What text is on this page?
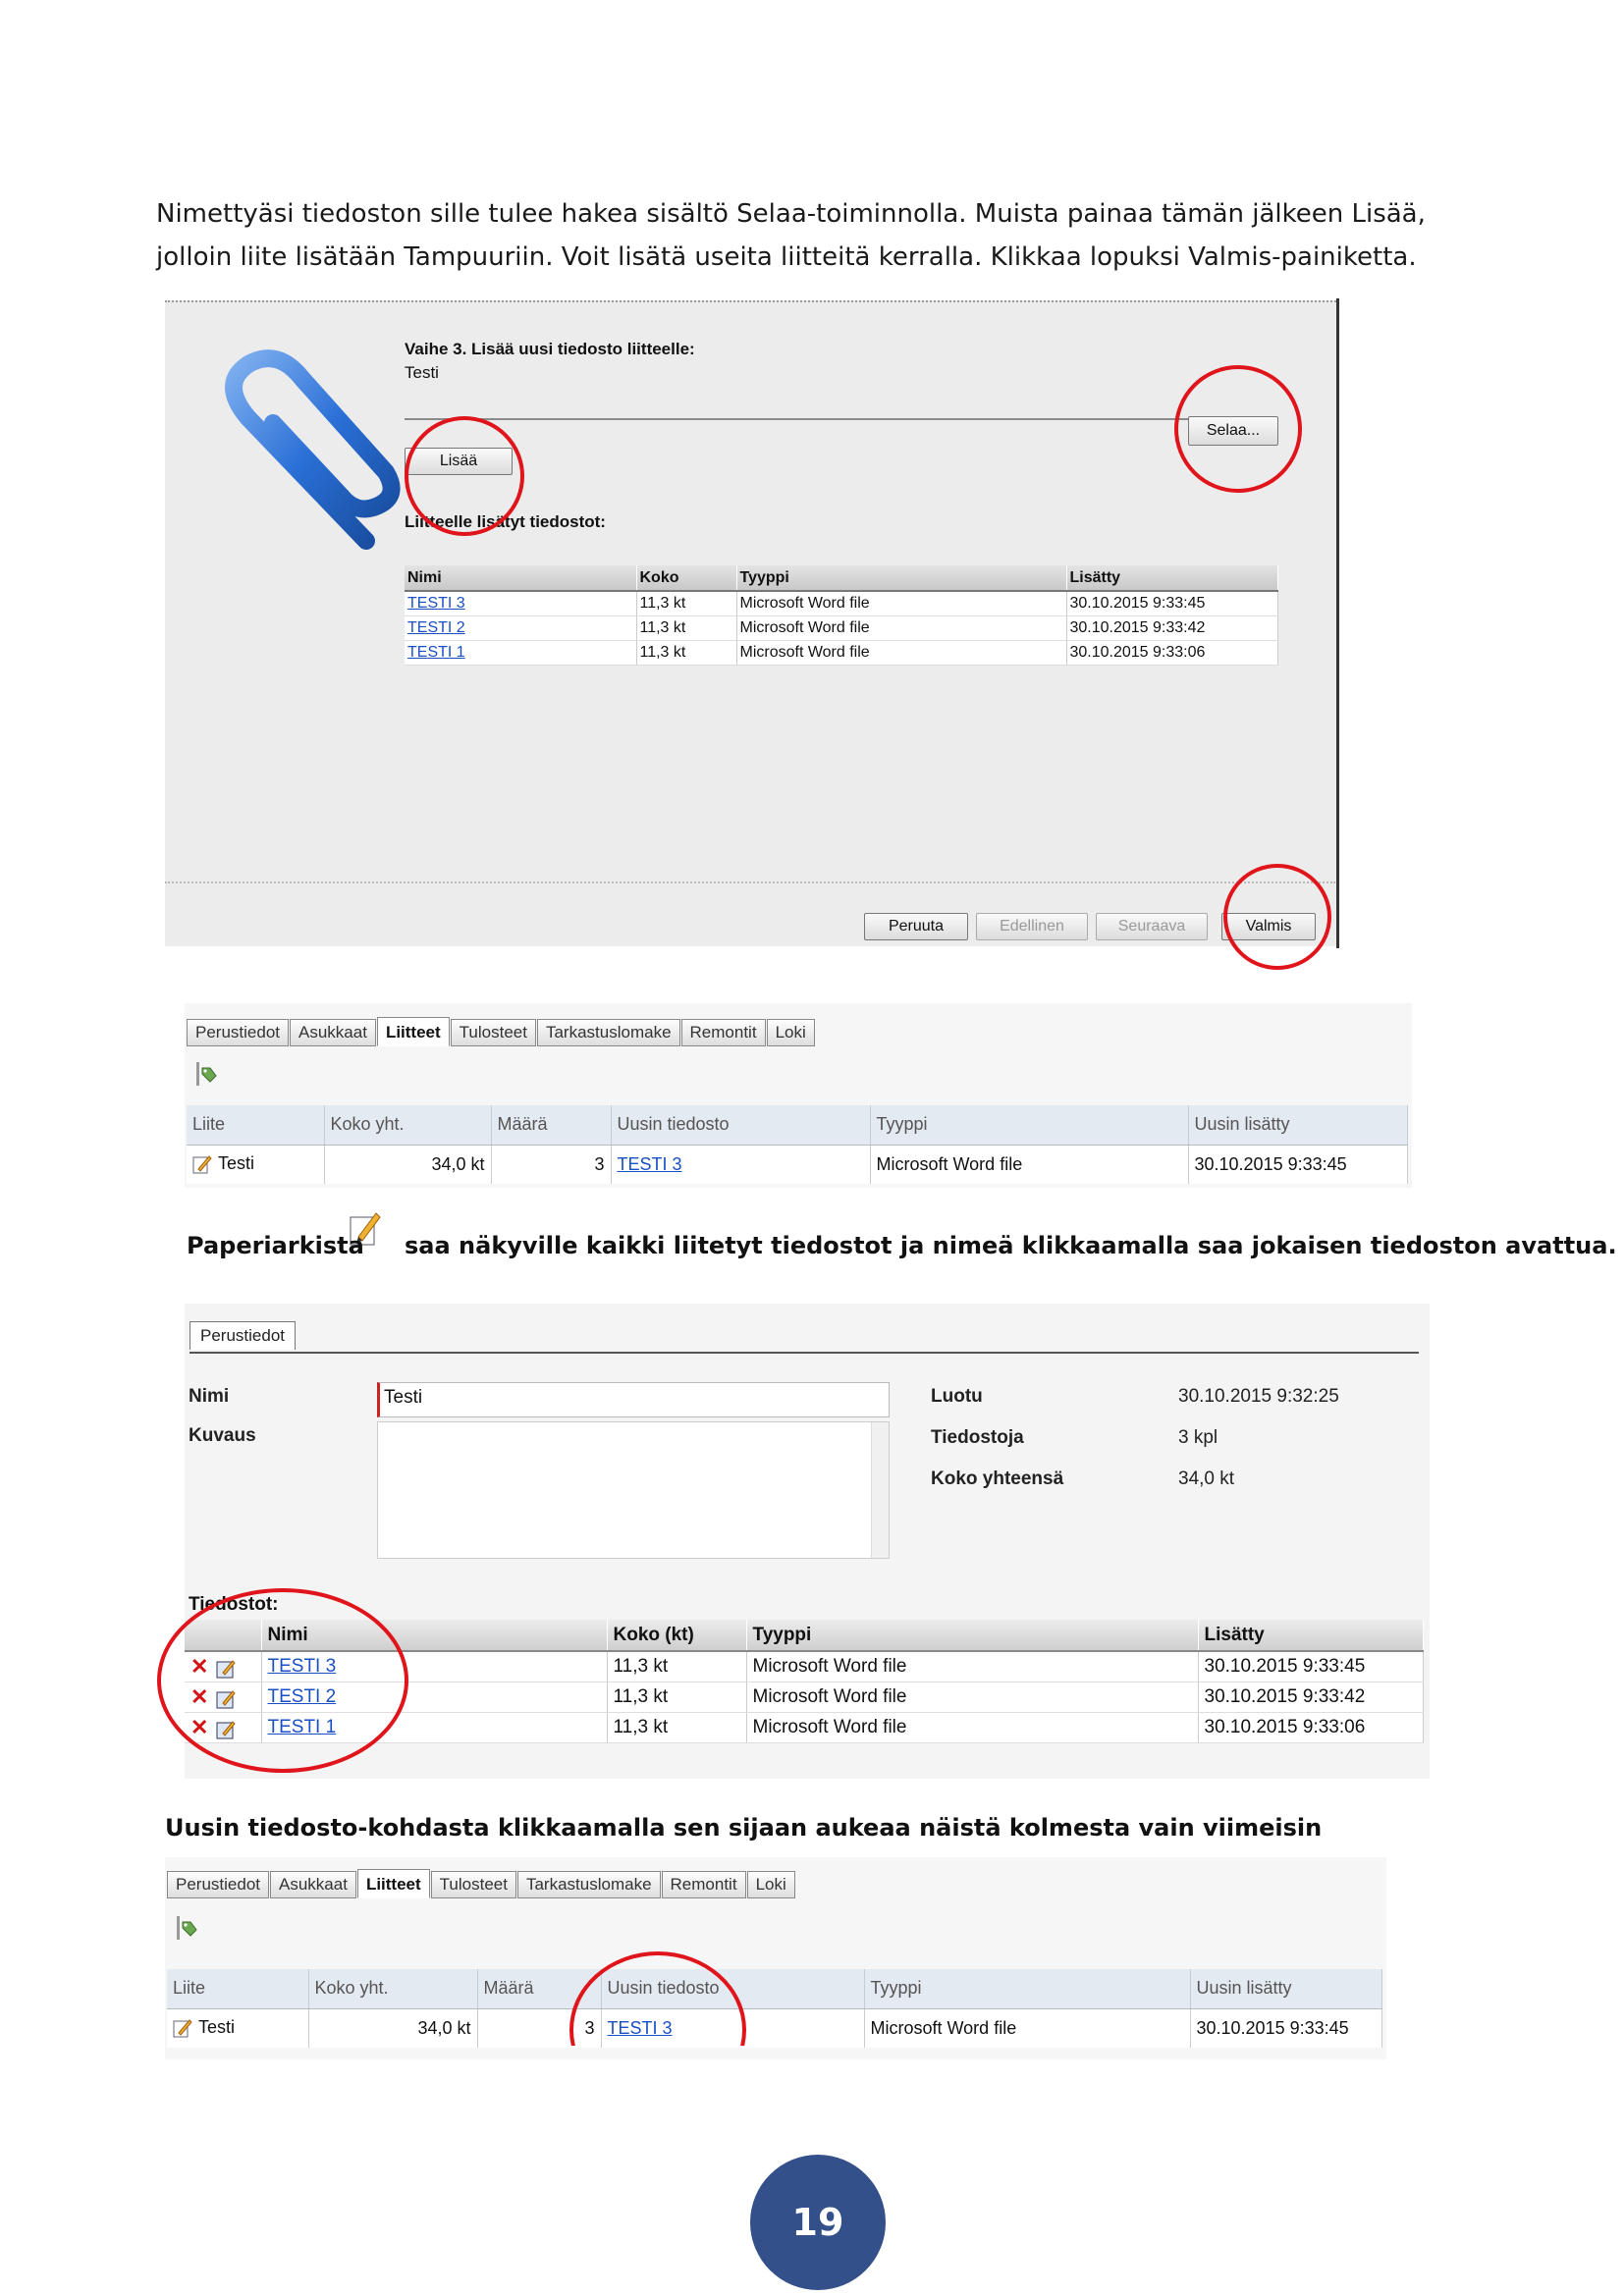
Nimettyäsi tiedoston sille tulee hakea sisältö Selaa-toiminnolla. Muista painaa tämän jälkeen Lisää, jolloin liite lisätään Tampuuriin. Voit lisätä useita liitteitä kerralla. Klikkaa lopuksi Valmis-painiketta.

Vaihe 3. Lisää uusi tiedosto liitteelle:
Testi
Selaa...
Lisää
Liitteelle lisätyt tiedostot:
Nimi	Koko	Tyyppi	Lisätty
TESTI 3	11,3 kt	Microsoft Word file	30.10.2015 9:33:45
TESTI 2	11,3 kt	Microsoft Word file	30.10.2015 9:33:42
TESTI 1	11,3 kt	Microsoft Word file	30.10.2015 9:33:06
Peruuta	Edellinen	Seuraava	Valmis
Perustiedot	Asukkaat	Liitteet	Tulosteet	Tarkastuslomake	Remontit	Loki
Liite	Koko yht.	Määrä	Uusin tiedosto	Tyyppi	Uusin lisätty
Testi	34,0 kt	3	TESTI 3	Microsoft Word file	30.10.2015 9:33:45
Paperiarkista saa näkyville kaikki liitetyt tiedostot ja nimeä klikkaamalla saa jokaisen tiedoston avattua.
Perustiedot
Nimi	Testi
Kuvaus
Luotu	30.10.2015 9:32:25
Tiedostoja	3 kpl
Koko yhteensä	34,0 kt
Tiedostot:
	Nimi	Koko (kt)	Tyyppi	Lisätty
✕	TESTI 3	11,3 kt	Microsoft Word file	30.10.2015 9:33:45
✕	TESTI 2	11,3 kt	Microsoft Word file	30.10.2015 9:33:42
✕	TESTI 1	11,3 kt	Microsoft Word file	30.10.2015 9:33:06
Uusin tiedosto-kohdasta klikkaamalla sen sijaan aukeaa näistä kolmesta vain viimeisin
Perustiedot	Asukkaat	Liitteet	Tulosteet	Tarkastuslomake	Remontit	Loki
Liite	Koko yht.	Määrä	Uusin tiedosto	Tyyppi	Uusin lisätty
Testi	34,0 kt	3	TESTI 3	Microsoft Word file	30.10.2015 9:33:45
19
